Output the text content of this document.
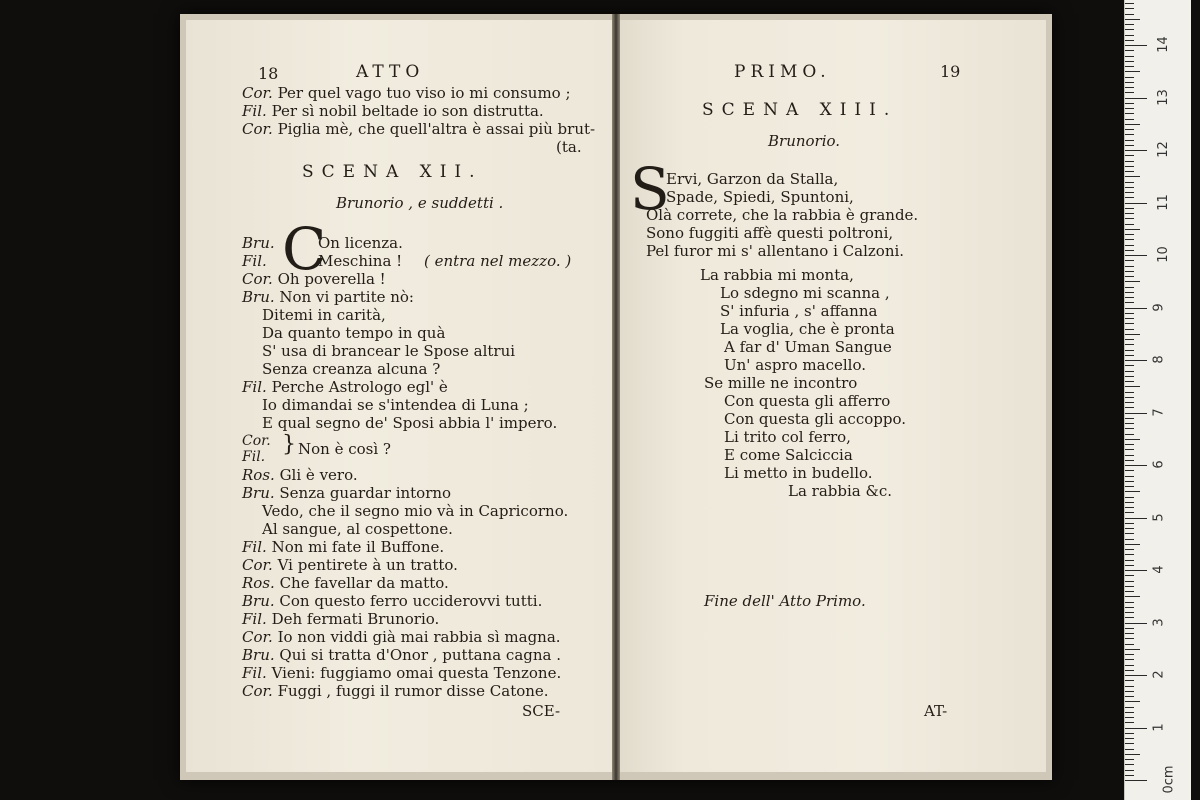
18	ATTO
Cor. Per quel vago tuo viso io mi consumo ;
Fil. Per sì nobil beltade io son distrutta.
Cor. Piglia mè, che quell'altra è assai più brut-
(ta.
SCENA XII.
Brunorio , e suddetti .
Bru. C
On licenza.
Fil.	Meschina ! ( entra nel mezzo. )
Cor. Oh poverella !
Bru. Non vi partite nò:
Ditemi in carità,
Da quanto tempo in quà
S' usa di brancear le Spose altrui
Senza creanza alcuna ?
Fil. Perche Astrologo egl' è
Io dimandai se s'intendea di Luna ;
E qual segno de' Sposi abbia l' impero.
Cor.
Fil. } Non è così ?
Ros. Gli è vero.
Bru. Senza guardar intorno
Vedo, che il segno mio và in Capricorno.
Al sangue, al cospettone.
Fil. Non mi fate il Buffone.
Cor. Vi pentirete à un tratto.
Ros. Che favellar da matto.
Bru. Con questo ferro ucciderovvi tutti.
Fil. Deh fermati Brunorio.
Cor. Io non viddi già mai rabbia sì magna.
Bru. Qui si tratta d'Onor , puttana cagna .
Fil. Vieni: fuggiamo omai questa Tenzone.
Cor. Fuggi , fuggi il rumor disse Catone.
SCE-
PRIMO.	19
SCENA XIII.
Brunorio.
S
Ervi, Garzon da Stalla,
Spade, Spiedi, Spuntoni,
Olà correte, che la rabbia è grande.
Sono fuggiti affè questi poltroni,
Pel furor mi s' allentano i Calzoni.
La rabbia mi monta,
Lo sdegno mi scanna ,
S' infuria , s' affanna
La voglia, che è pronta
A far d' Uman Sangue
Un' aspro macello.
Se mille ne incontro
Con questa gli afferro
Con questa gli accoppo.
Li trito col ferro,
E come Salciccia
Li metto in budello.
La rabbia &c.
Fine dell' Atto Primo.
AT-
0cm
1
2
3
4
5
6
7
8
9
10
11
12
13
14
